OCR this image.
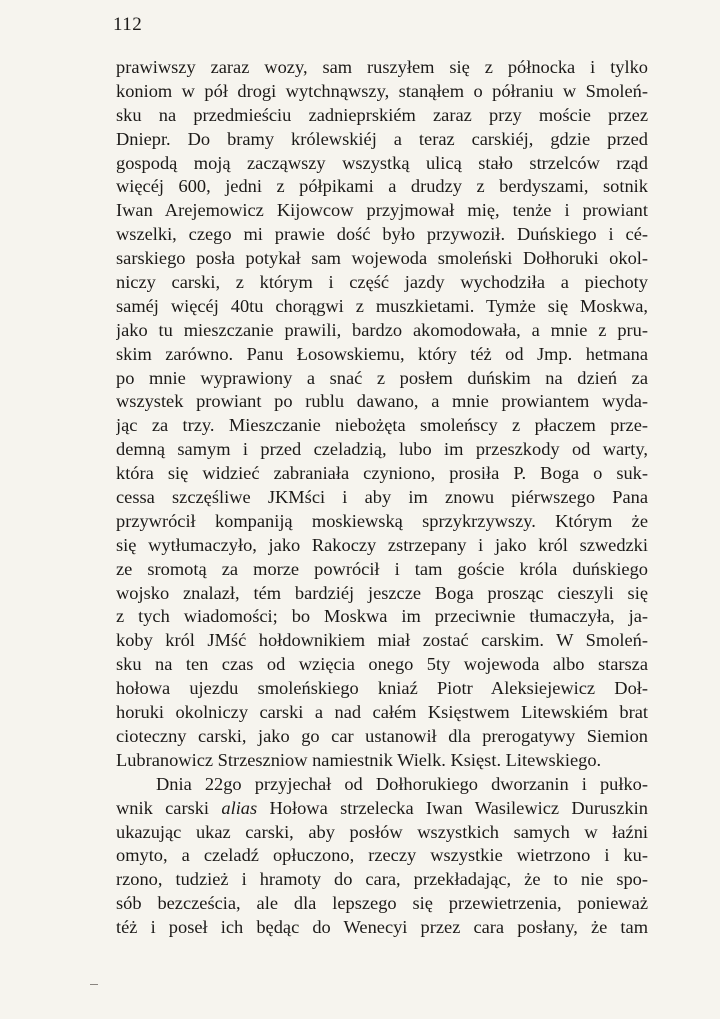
112
prawiwszy zaraz wozy, sam ruszyłem się z północka i tylko
koniom w pół drogi wytchnąwszy, stanąłem o półraniu w Smoleń-
sku na przedmieściu zadnieprskiém zaraz przy moście przez
Dniepr. Do bramy królewskiéj a teraz carskiéj, gdzie przed
gospodą moją zacząwszy wszystką ulicą stało strzelców rząd
więcéj 600, jedni z półpikami a drudzy z berdyszami, sotnik
Iwan Arejemowicz Kijowcow przyjmował mię, tenże i prowiant
wszelki, czego mi prawie dość było przywoził. Duńskiego i cé-
sarskiego posła potykał sam wojewoda smoleński Dołhoruki okol-
niczy carski, z którym i część jazdy wychodziła a piechoty
saméj więcéj 40tu chorągwi z muszkietami. Tymże się Moskwa,
jako tu mieszczanie prawili, bardzo akomodowała, a mnie z pru-
skim zarówno. Panu Łosowskiemu, który téż od Jmp. hetmana
po mnie wyprawiony a snać z posłem duńskim na dzień za
wszystek prowiant po rublu dawano, a mnie prowiantem wyda-
jąc za trzy. Mieszczanie niebożęta smoleńscy z płaczem prze-
demną samym i przed czeladzią, lubo im przeszkody od warty,
która się widzieć zabraniała czyniono, prosiła P. Boga o suk-
cessa szczęśliwe JKMści i aby im znowu piérwszego Pana
przywrócił kompaniją moskiewską sprzykrzywszy. Którym że
się wytłumaczyło, jako Rakoczy zstrzepany i jako król szwedzki
ze sromotą za morze powrócił i tam goście króla duńskiego
wojsko znalazł, tém bardziéj jeszcze Boga prosząc cieszyli się
z tych wiadomości; bo Moskwa im przeciwnie tłumaczyła, ja-
koby król JMść hołdownikiem miał zostać carskim. W Smoleń-
sku na ten czas od wzięcia onego 5ty wojewoda albo starsza
hołowa ujezdu smoleńskiego kniaź Piotr Aleksiejewicz Doł-
horuki okolniczy carski a nad całém Księstwem Litewskiém brat
cioteczny carski, jako go car ustanowił dla prerogatywy Siemion
Lubranowicz Strzeszniow namiestnik Wielk. Księst. Litewskiego.
Dnia 22go przyjechał od Dołhorukiego dworzanin i pułko-
wnik carski alias Hołowa strzelecka Iwan Wasilewicz Duruszkin
ukazując ukaz carski, aby posłów wszystkich samych w łaźni
omyto, a czeladź opłuczono, rzeczy wszystkie wietrzono i ku-
rzono, tudzież i hramoty do cara, przekładając, że to nie spo-
sób bezcześcia, ale dla lepszego się przewietrzenia, ponieważ
téż i poseł ich będąc do Wenecyi przez cara posłany, że tam
